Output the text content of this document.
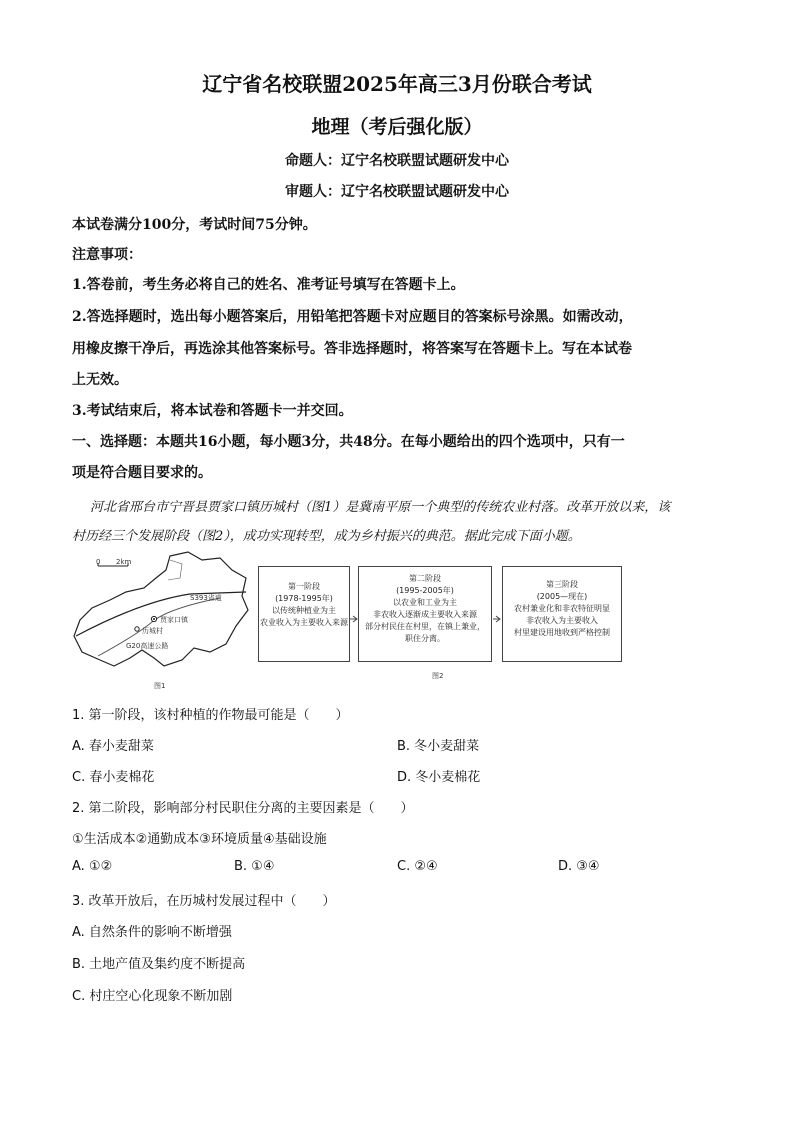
辽宁省名校联盟2025年高三3月份联合考试
地理（考后强化版）
命题人：辽宁名校联盟试题研发中心
审题人：辽宁名校联盟试题研发中心
本试卷满分100分，考试时间75分钟。
注意事项：
1.答卷前，考生务必将自己的姓名、准考证号填写在答题卡上。
2.答选择题时，选出每小题答案后，用铅笔把答题卡对应题目的答案标号涂黑。如需改动，
用橡皮擦干净后，再选涂其他答案标号。答非选择题时，将答案写在答题卡上。写在本试卷
上无效。
3.考试结束后，将本试卷和答题卡一并交回。
一、选择题：本题共16小题，每小题3分，共48分。在每小题给出的四个选项中，只有一
项是符合题目要求的。
河北省邢台市宁晋县贾家口镇历城村（图1）是冀南平原一个典型的传统农业村落。改革开放以来，该
村历经三个发展阶段（图2），成功实现转型，成为乡村振兴的典范。据此完成下面小题。
0 2km
S393省道
贾家口镇
历城村
G20高速公路
图1
第一阶段
(1978-1995年)
以传统种植业为主
农业收入为主要收入来源
第二阶段
(1995-2005年)
以农业和工业为主
非农收入逐渐成主要收入来源
部分村民住在村里，在镇上兼业，
职住分离。
第三阶段
(2005—现在)
农村兼业化和非农特征明显
非农收入为主要收入
村里建设用地收到严格控制
图2
1. 第一阶段，该村种植的作物最可能是（　　）
A. 春小麦甜菜	B. 冬小麦甜菜
C. 春小麦棉花	D. 冬小麦棉花
2. 第二阶段，影响部分村民职住分离的主要因素是（　　）
①生活成本②通勤成本③环境质量④基础设施
A. ①②	B. ①④	C. ②④	D. ③④
3. 改革开放后，在历城村发展过程中（　　）
A. 自然条件的影响不断增强
B. 土地产值及集约度不断提高
C. 村庄空心化现象不断加剧
